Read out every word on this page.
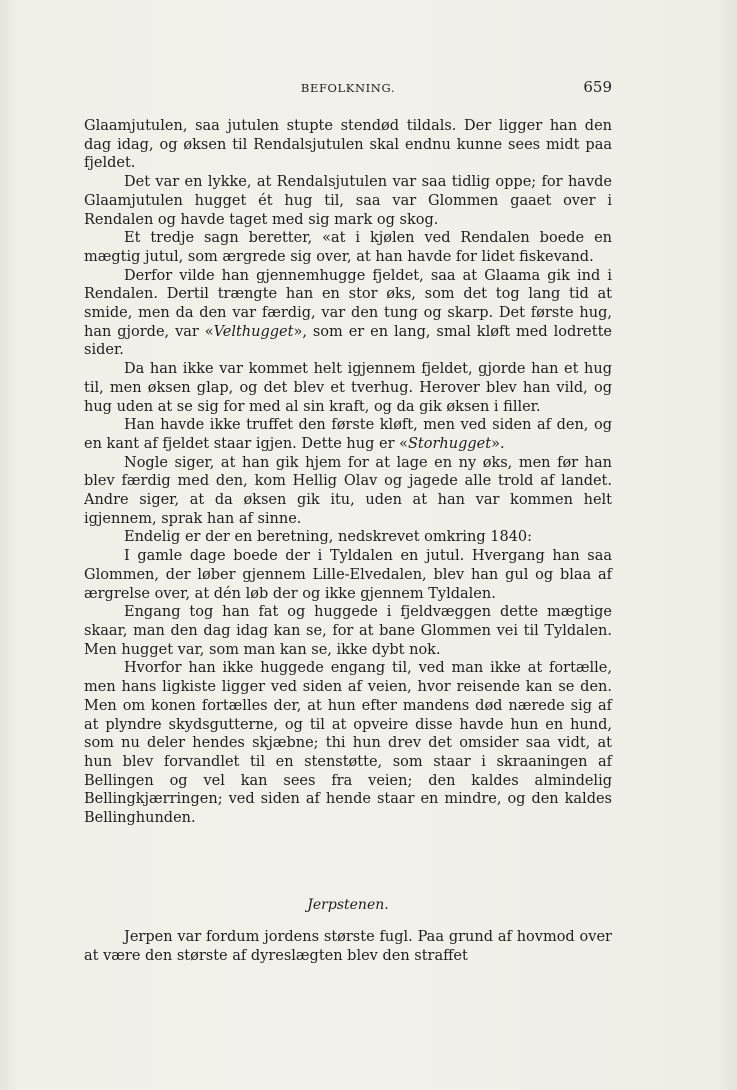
BEFOLKNING.	659

Glaamjutulen, saa jutulen stupte stendød tildals. Der ligger han den dag idag, og øksen til Rendalsjutulen skal endnu kunne sees midt paa fjeldet.

Det var en lykke, at Rendalsjutulen var saa tidlig oppe; for havde Glaamjutulen hugget ét hug til, saa var Glommen gaaet over i Rendalen og havde taget med sig mark og skog.

Et tredje sagn beretter, «at i kjølen ved Rendalen boede en mægtig jutul, som ærgrede sig over, at han havde for lidet fiskevand.

Derfor vilde han gjennemhugge fjeldet, saa at Glaama gik ind i Rendalen. Dertil trængte han en stor øks, som det tog lang tid at smide, men da den var færdig, var den tung og skarp. Det første hug, han gjorde, var «Velthugget», som er en lang, smal kløft med lodrette sider.

Da han ikke var kommet helt igjennem fjeldet, gjorde han et hug til, men øksen glap, og det blev et tverhug. Herover blev han vild, og hug uden at se sig for med al sin kraft, og da gik øksen i filler.

Han havde ikke truffet den første kløft, men ved siden af den, og en kant af fjeldet staar igjen. Dette hug er «Storhugget».

Nogle siger, at han gik hjem for at lage en ny øks, men før han blev færdig med den, kom Hellig Olav og jagede alle trold af landet. Andre siger, at da øksen gik itu, uden at han var kommen helt igjennem, sprak han af sinne.

Endelig er der en beretning, nedskrevet omkring 1840:

I gamle dage boede der i Tyldalen en jutul. Hvergang han saa Glommen, der løber gjennem Lille-Elvedalen, blev han gul og blaa af ærgrelse over, at dén løb der og ikke gjennem Tyldalen.

Engang tog han fat og huggede i fjeldvæggen dette mægtige skaar, man den dag idag kan se, for at bane Glommen vei til Tyldalen. Men hugget var, som man kan se, ikke dybt nok.

Hvorfor han ikke huggede engang til, ved man ikke at fortælle, men hans ligkiste ligger ved siden af veien, hvor reisende kan se den. Men om konen fortælles der, at hun efter mandens død nærede sig af at plyndre skydsgutterne, og til at opveire disse havde hun en hund, som nu deler hendes skjæbne; thi hun drev det omsider saa vidt, at hun blev forvandlet til en stenstøtte, som staar i skraaningen af Bellingen og vel kan sees fra veien; den kaldes almindelig Bellingkjærringen; ved siden af hende staar en mindre, og den kaldes Bellinghunden.

Jerpstenen.

Jerpen var fordum jordens største fugl. Paa grund af hovmod over at være den største af dyreslægten blev den straffet
